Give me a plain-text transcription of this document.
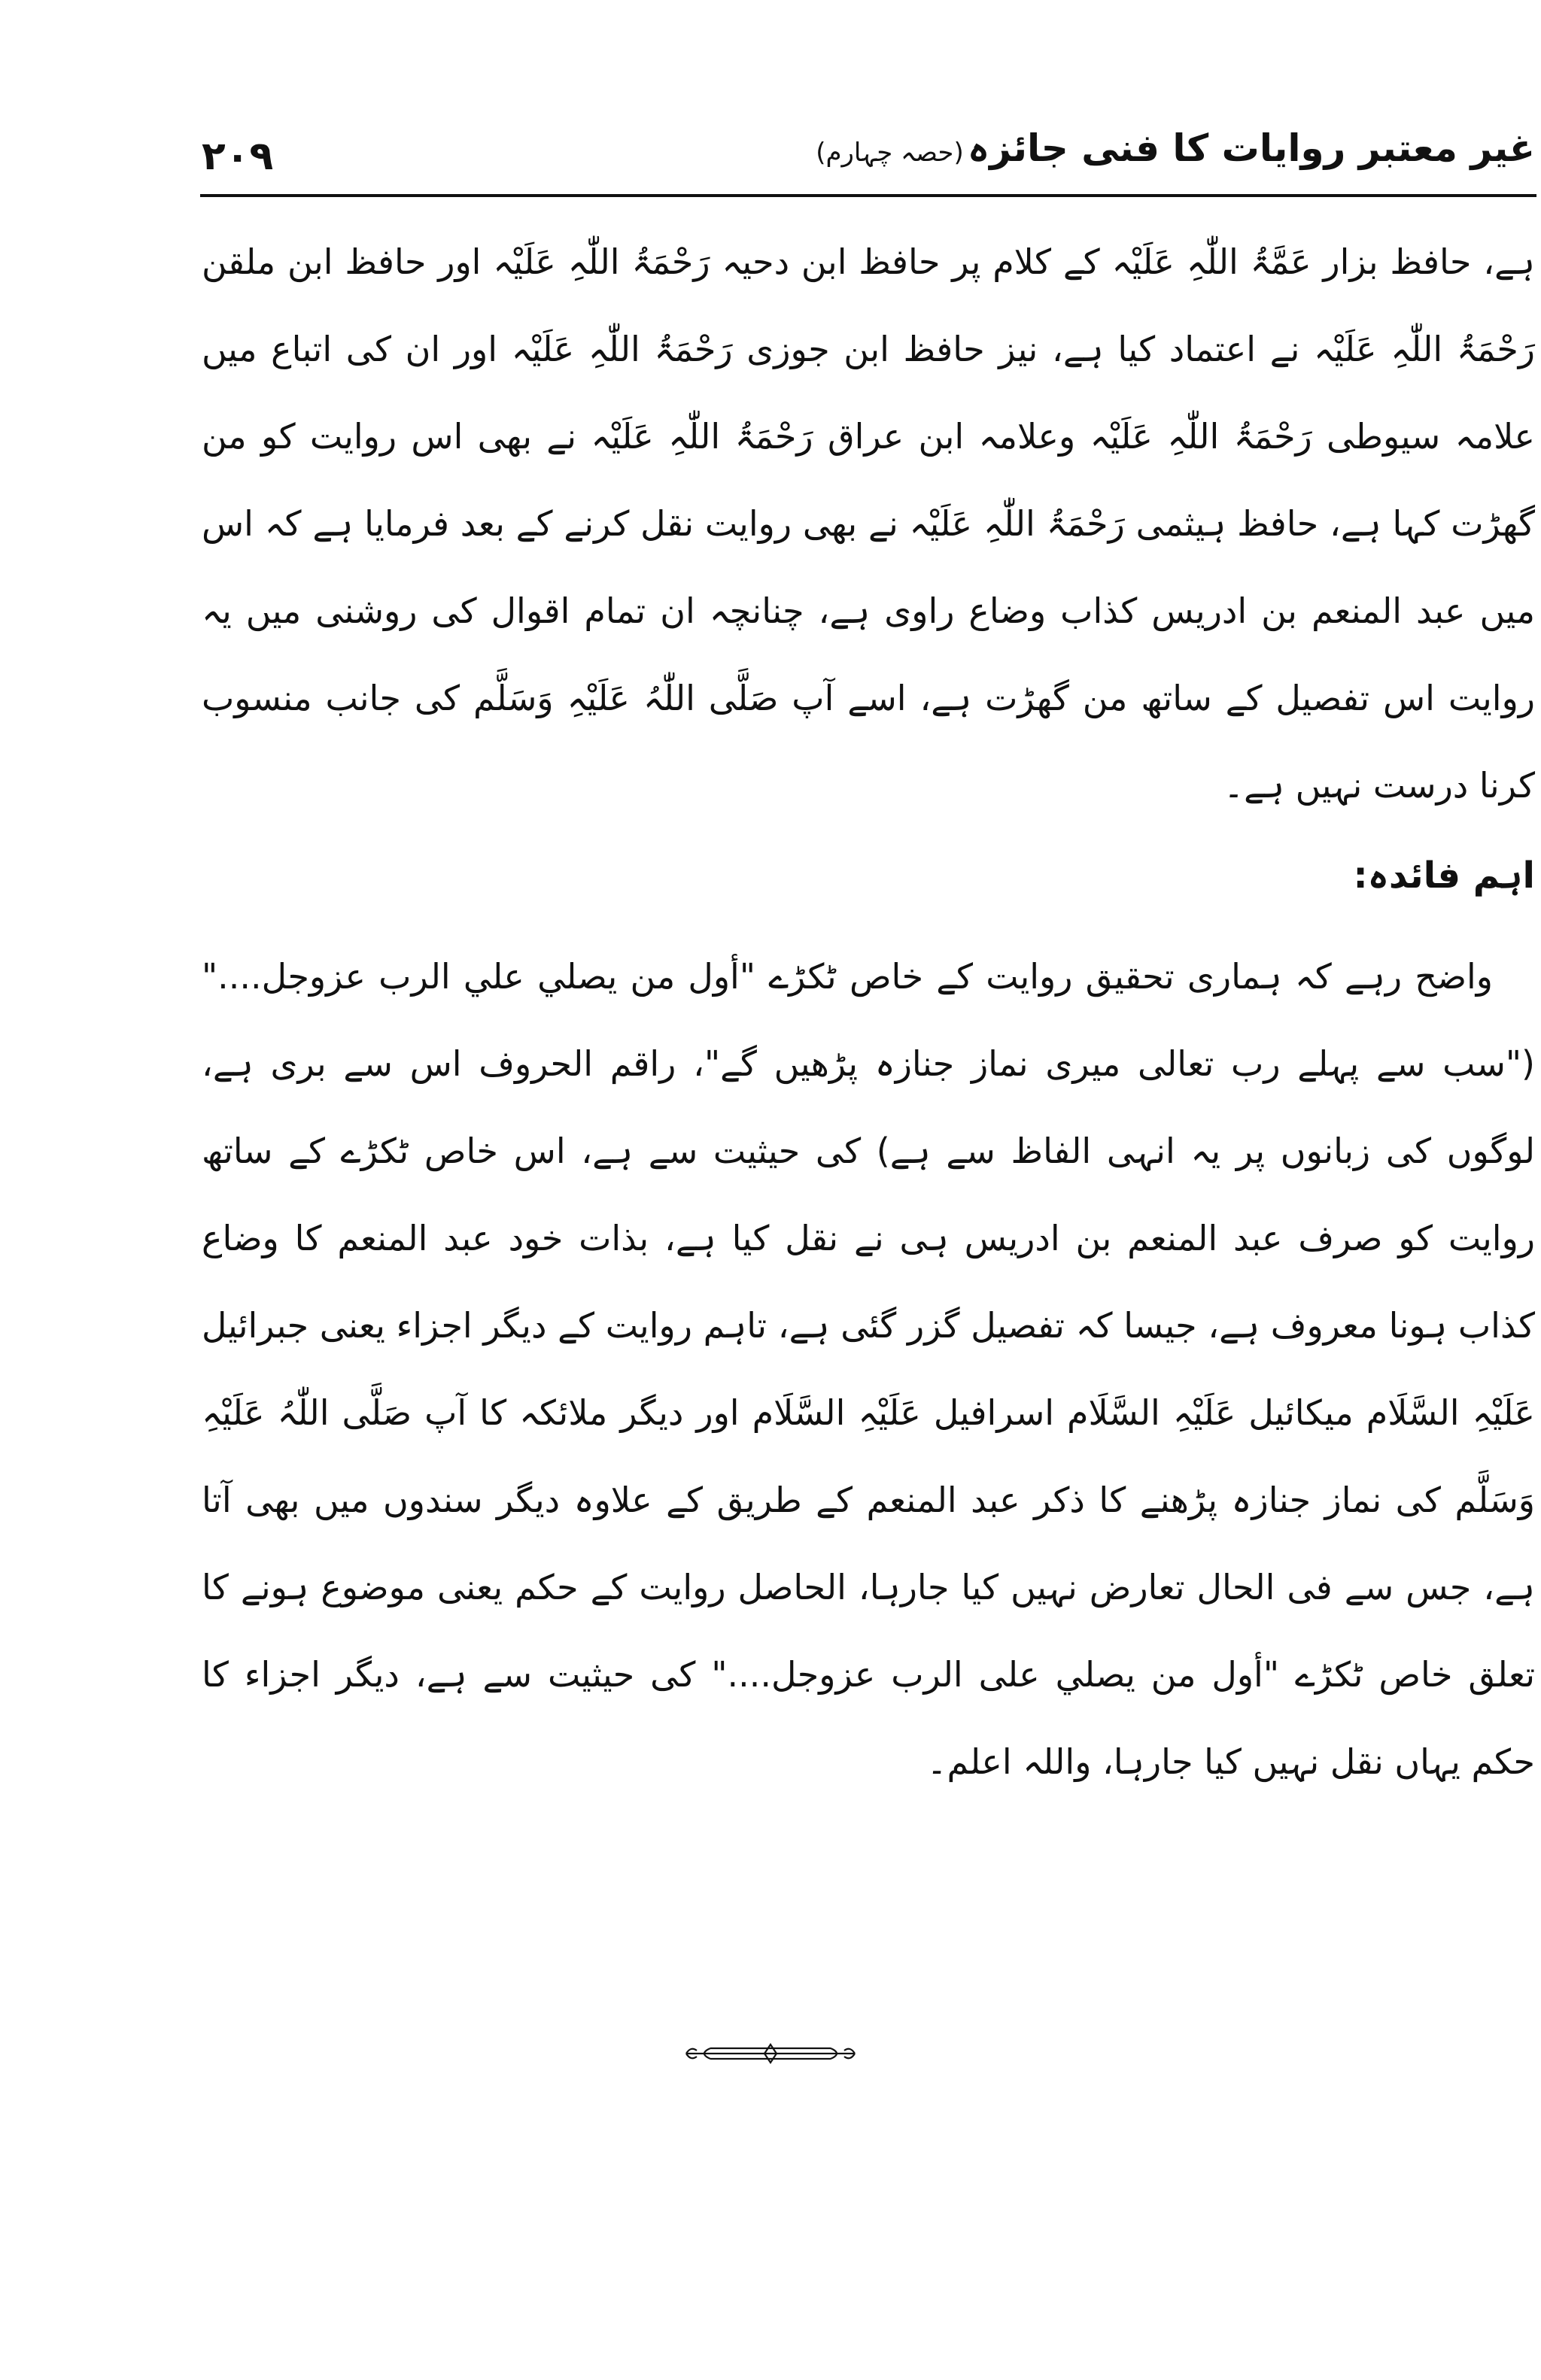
۲۰۹	غیر معتبر روایات کا فنی جائزہ (حصہ چہارم)

ہے، حافظ بزار عَمَّۃُ اللّٰہِ عَلَیْہ کے کلام پر حافظ ابن دحیہ رَحْمَۃُ اللّٰہِ عَلَیْہ اور حافظ ابن ملقن رَحْمَۃُ اللّٰہِ عَلَیْہ نے اعتماد کیا ہے، نیز حافظ ابن جوزی رَحْمَۃُ اللّٰہِ عَلَیْہ اور ان کی اتباع میں علامہ سیوطی رَحْمَۃُ اللّٰہِ عَلَیْہ وعلامہ ابن عراق رَحْمَۃُ اللّٰہِ عَلَیْہ نے بھی اس روایت کو من گھڑت کہا ہے، حافظ ہیثمی رَحْمَۃُ اللّٰہِ عَلَیْہ نے بھی روایت نقل کرنے کے بعد فرمایا ہے کہ اس میں عبد المنعم بن ادریس کذاب وضاع راوی ہے، چنانچہ ان تمام اقوال کی روشنی میں یہ روایت اس تفصیل کے ساتھ من گھڑت ہے، اسے آپ صَلَّی اللّٰہُ عَلَیْہِ وَسَلَّم کی جانب منسوب کرنا درست نہیں ہے۔

اہم فائدہ:

واضح رہے کہ ہماری تحقیق روایت کے خاص ٹکڑے "أول من يصلي علي الرب عزوجل...." ("سب سے پہلے رب تعالی میری نماز جنازہ پڑھیں گے"، راقم الحروف اس سے بری ہے، لوگوں کی زبانوں پر یہ انہی الفاظ سے ہے) کی حیثیت سے ہے، اس خاص ٹکڑے کے ساتھ روایت کو صرف عبد المنعم بن ادریس ہی نے نقل کیا ہے، بذات خود عبد المنعم کا وضاع کذاب ہونا معروف ہے، جیسا کہ تفصیل گزر گئی ہے، تاہم روایت کے دیگر اجزاء یعنی جبرائیل عَلَیْہِ السَّلَام میکائیل عَلَیْہِ السَّلَام اسرافیل عَلَیْہِ السَّلَام اور دیگر ملائکہ کا آپ صَلَّی اللّٰہُ عَلَیْہِ وَسَلَّم کی نماز جنازہ پڑھنے کا ذکر عبد المنعم کے طریق کے علاوہ دیگر سندوں میں بھی آتا ہے، جس سے فی الحال تعارض نہیں کیا جارہا، الحاصل روایت کے حکم یعنی موضوع ہونے کا تعلق خاص ٹکڑے "أول من يصلي على الرب عزوجل...." کی حیثیت سے ہے، دیگر اجزاء کا حکم یہاں نقل نہیں کیا جارہا، واللہ اعلم۔
